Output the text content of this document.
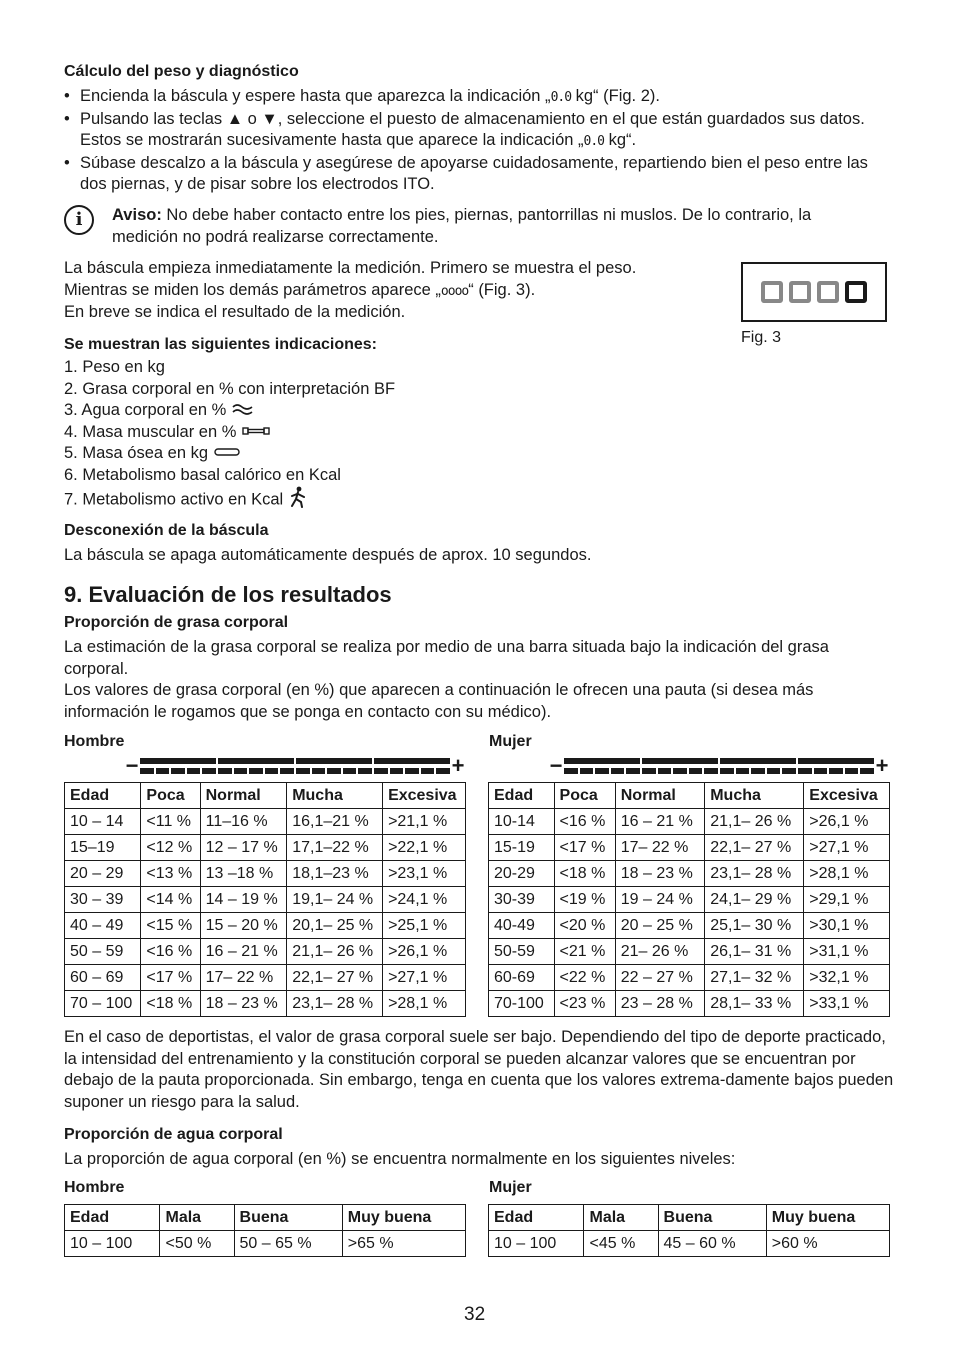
Cálculo del peso y diagnóstico
• Encienda la báscula y espere hasta que aparezca la indicación „0.0 kg“ (Fig. 2).
• Pulsando las teclas ▲ o ▼, seleccione el puesto de almacenamiento en el que están guardados sus datos. Estos se mostrarán sucesivamente hasta que aparece la indicación „0.0 kg“.
• Súbase descalzo a la báscula y asegúrese de apoyarse cuidadosamente, repartiendo bien el peso entre las dos piernas, y de pisar sobre los electrodos ITO.
i	Aviso: No debe haber contacto entre los pies, piernas, pantorrillas ni muslos. De lo contrario, la medición no podrá realizarse correctamente.
La báscula empieza inmediatamente la medición. Primero se muestra el peso.
Mientras se miden los demás parámetros aparece „oooo“ (Fig. 3).
En breve se indica el resultado de la medición.
Fig. 3
Se muestran las siguientes indicaciones:
1. Peso en kg
2. Grasa corporal en % con interpretación BF
3. Agua corporal en %
4. Masa muscular en %
5. Masa ósea en kg
6. Metabolismo basal calórico en Kcal
7. Metabolismo activo en Kcal
Desconexión de la báscula
La báscula se apaga automáticamente después de aprox. 10 segundos.
9. Evaluación de los resultados
Proporción de grasa corporal
La estimación de la grasa corporal se realiza por medio de una barra situada bajo la indicación del grasa corporal.
Los valores de grasa corporal (en %) que aparecen a continuación le ofrecen una pauta (si desea más información le rogamos que se ponga en contacto con su médico).
Hombre	Mujer
−	+	−	+
Edad	Poca	Normal	Mucha	Excesiva
10 – 14	<11 %	11–16 %	16,1–21 %	>21,1 %
15–19	<12 %	12 – 17 %	17,1–22 %	>22,1 %
20 – 29	<13 %	13 –18 %	18,1–23 %	>23,1 %
30 – 39	<14 %	14 – 19 %	19,1– 24 %	>24,1 %
40 – 49	<15 %	15 – 20 %	20,1– 25 %	>25,1 %
50 – 59	<16 %	16 – 21 %	21,1– 26 %	>26,1 %
60 – 69	<17 %	17– 22 %	22,1– 27 %	>27,1 %
70 – 100	<18 %	18 – 23 %	23,1– 28 %	>28,1 %
Edad	Poca	Normal	Mucha	Excesiva
10-14	<16 %	16 – 21 %	21,1– 26 %	>26,1 %
15-19	<17 %	17– 22 %	22,1– 27 %	>27,1 %
20-29	<18 %	18 – 23 %	23,1– 28 %	>28,1 %
30-39	<19 %	19 – 24 %	24,1– 29 %	>29,1 %
40-49	<20 %	20 – 25 %	25,1– 30 %	>30,1 %
50-59	<21 %	21– 26 %	26,1– 31 %	>31,1 %
60-69	<22 %	22 – 27 %	27,1– 32 %	>32,1 %
70-100	<23 %	23 – 28 %	28,1– 33 %	>33,1 %
En el caso de deportistas, el valor de grasa corporal suele ser bajo. Dependiendo del tipo de deporte practicado, la intensidad del entrenamiento y la constitución corporal se pueden alcanzar valores que se encuentran por debajo de la pauta proporcionada. Sin embargo, tenga en cuenta que los valores extrema-damente bajos pueden suponer un riesgo para la salud.
Proporción de agua corporal
La proporción de agua corporal (en %) se encuentra normalmente en los siguientes niveles:
Hombre	Mujer
Edad	Mala	Buena	Muy buena
10 – 100	<50 %	50 – 65 %	>65 %
Edad	Mala	Buena	Muy buena
10 – 100	<45 %	45 – 60 %	>60 %
32
